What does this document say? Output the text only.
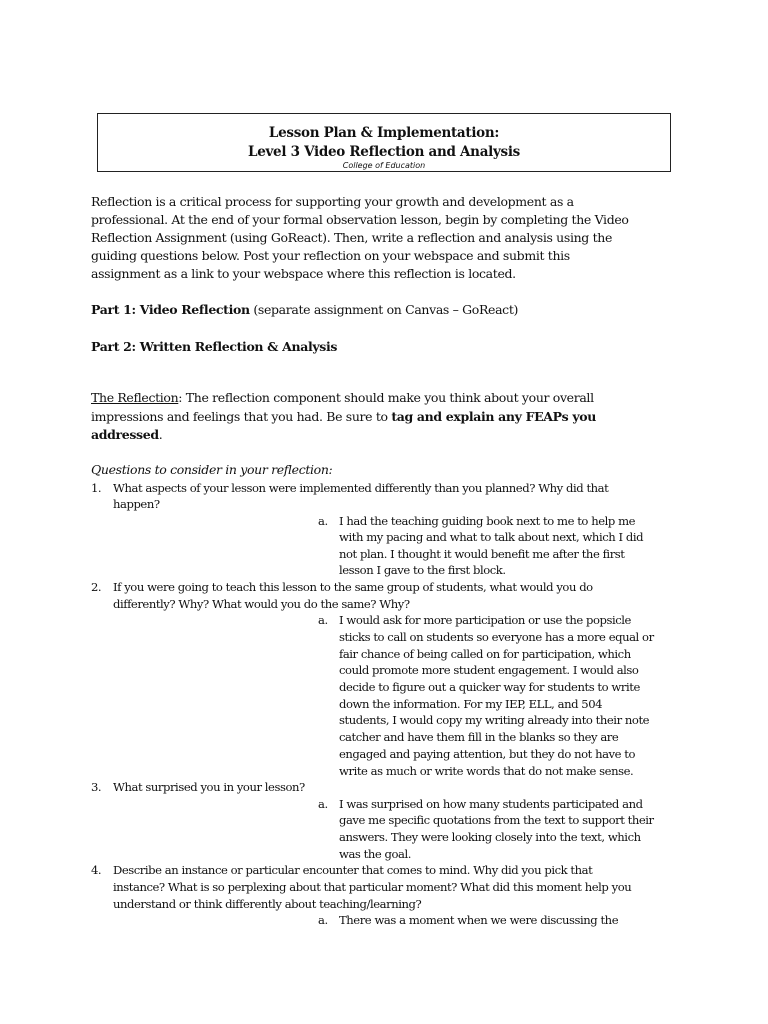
Lesson Plan & Implementation:
Level 3 Video Reflection and Analysis
College of Education
Reflection is a critical process for supporting your growth and development as a
professional. At the end of your formal observation lesson, begin by completing the Video
Reflection Assignment (using GoReact). Then, write a reflection and analysis using the
guiding questions below. Post your reflection on your webspace and submit this
assignment as a link to your webspace where this reflection is located.
Part 1: Video Reflection (separate assignment on Canvas – GoReact)
Part 2: Written Reflection & Analysis
The Reflection: The reflection component should make you think about your overall
impressions and feelings that you had. Be sure to tag and explain any FEAPs you
addressed.
Questions to consider in your reflection:
1. What aspects of your lesson were implemented differently than you planned? Why did that
happen?
a. I had the teaching guiding book next to me to help me
with my pacing and what to talk about next, which I did
not plan. I thought it would benefit me after the first
lesson I gave to the first block.
2. If you were going to teach this lesson to the same group of students, what would you do
differently? Why? What would you do the same? Why?
a. I would ask for more participation or use the popsicle
sticks to call on students so everyone has a more equal or
fair chance of being called on for participation, which
could promote more student engagement. I would also
decide to figure out a quicker way for students to write
down the information. For my IEP, ELL, and 504
students, I would copy my writing already into their note
catcher and have them fill in the blanks so they are
engaged and paying attention, but they do not have to
write as much or write words that do not make sense.
3. What surprised you in your lesson?
a. I was surprised on how many students participated and
gave me specific quotations from the text to support their
answers. They were looking closely into the text, which
was the goal.
4. Describe an instance or particular encounter that comes to mind. Why did you pick that
instance? What is so perplexing about that particular moment? What did this moment help you
understand or think differently about teaching/learning?
a. There was a moment when we were discussing the
